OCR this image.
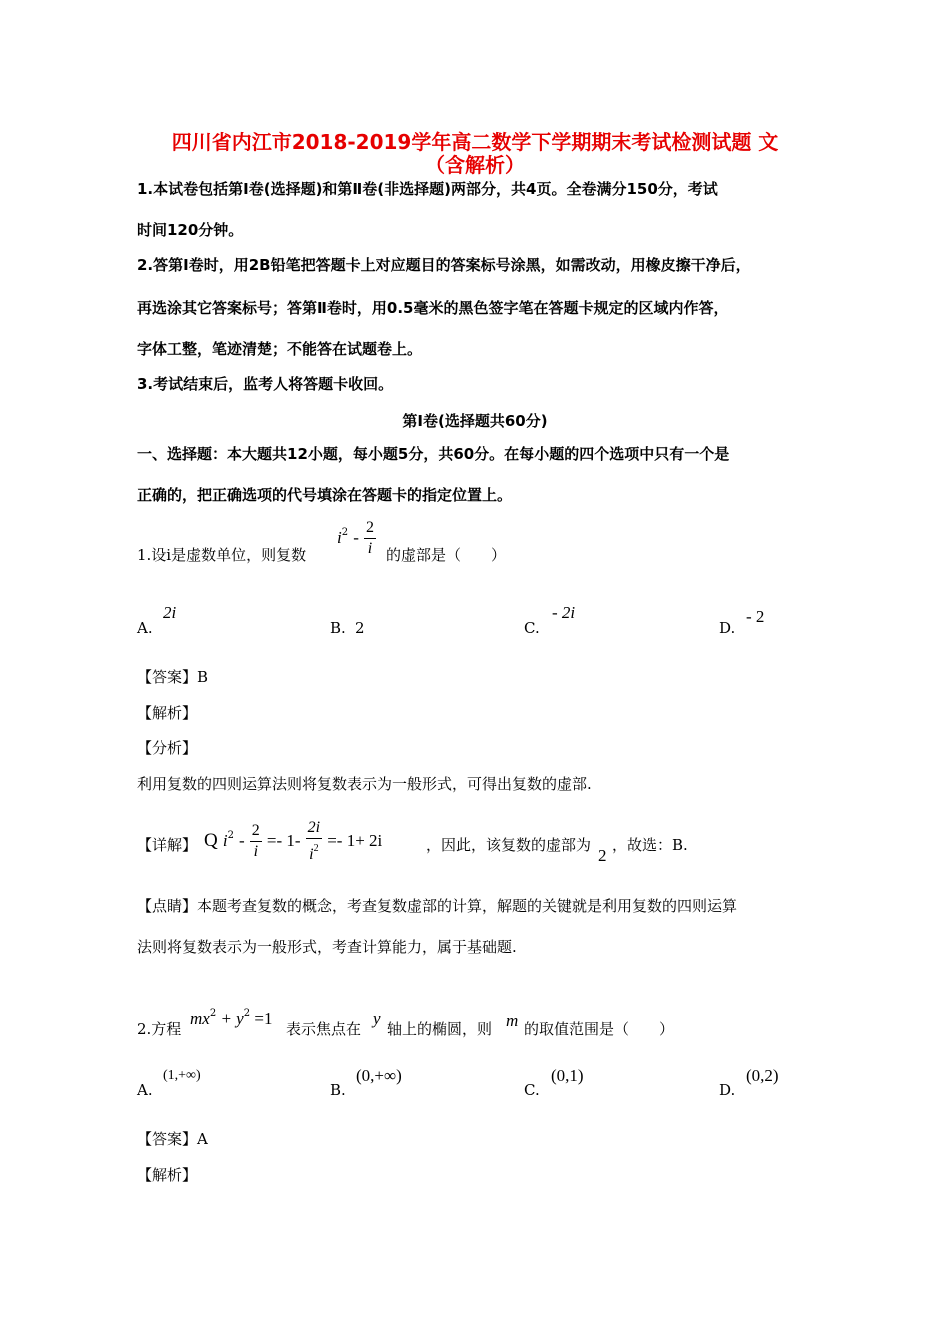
四川省内江市2018-2019学年高二数学下学期期末考试检测试题 文
（含解析）
1.本试卷包括第Ⅰ卷(选择题)和第Ⅱ卷(非选择题)两部分，共4页。全卷满分150分，考试
时间120分钟。
2.答第Ⅰ卷时，用2B铅笔把答题卡上对应题目的答案标号涂黑，如需改动，用橡皮擦干净后，
再选涂其它答案标号；答第Ⅱ卷时，用0.5毫米的黑色签字笔在答题卡规定的区域内作答，
字体工整，笔迹清楚；不能答在试题卷上。
3.考试结束后，监考人将答题卡收回。
第Ⅰ卷(选择题共60分)
一、选择题：本大题共12小题，每小题5分，共60分。在每小题的四个选项中只有一个是
正确的，把正确选项的代号填涂在答题卡的指定位置上。
1.设i是虚数单位，则复数
$i^2 - \frac{2}{i}$ 的虚部是（　　）
A.
2i
B. 2	C.
- 2i
D.
- 2
【答案】B
【解析】
【分析】
利用复数的四则运算法则将复数表示为一般形式，可得出复数的虚部.
【详解】 Q $i^2 - \frac{2}{i} =- 1- \frac{2i}{i^2} =- 1+ 2i$	，因此，该复数的虚部为
2
，故选：B.
【点睛】本题考查复数的概念，考查复数虚部的计算，解题的关键就是利用复数的四则运算
法则将复数表示为一般形式，考查计算能力，属于基础题.
2.方程
$mx^2 + y^2 =1$
表示焦点在
y
轴上的椭圆，则 m 的取值范围是（　　）
A.
(1,+∞)
B.
(0,+∞)
C.
(0,1)
D.
(0,2)
【答案】A
【解析】
